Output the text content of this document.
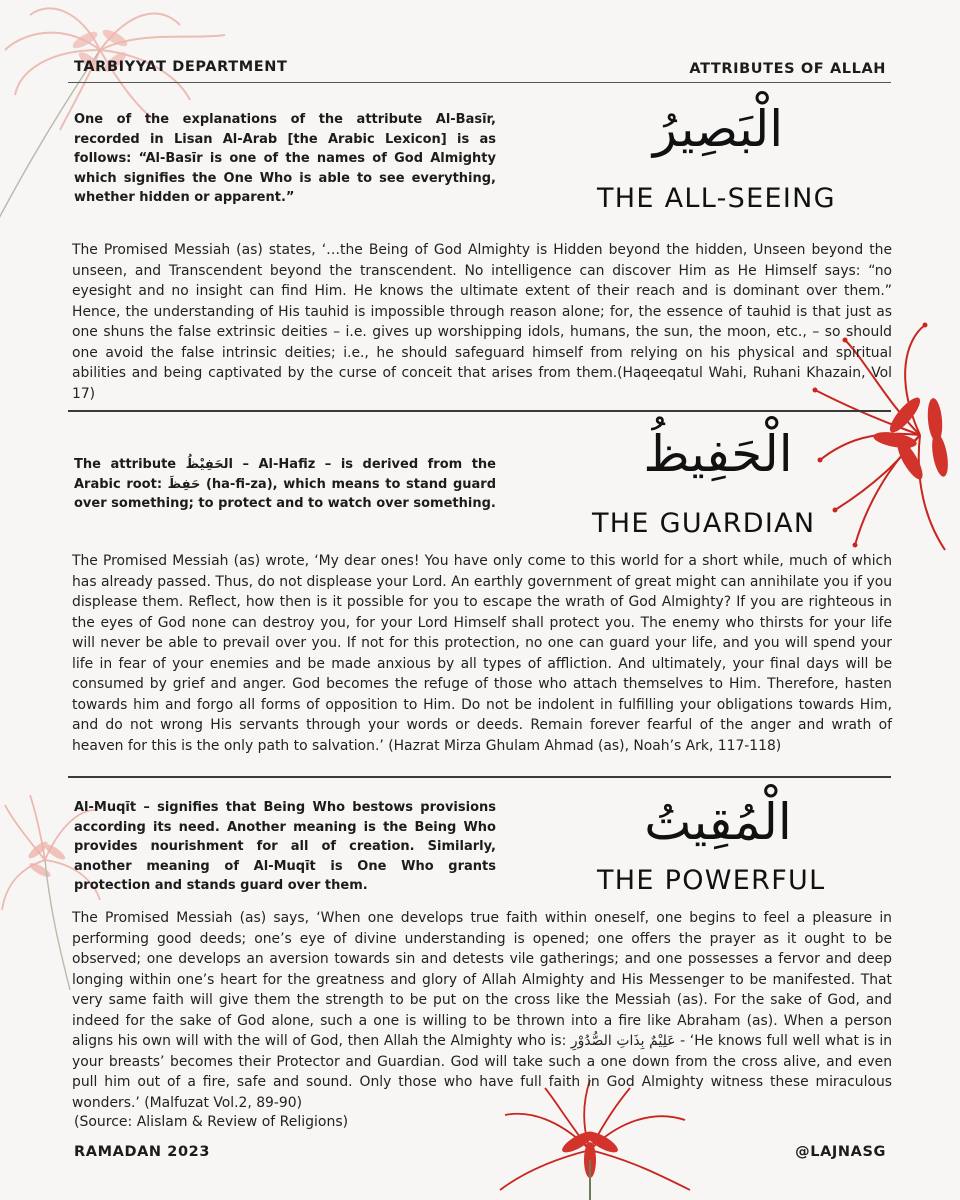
TARBIYYAT DEPARTMENT	ATTRIBUTES OF ALLAH
One of the explanations of the attribute Al-Basīr, recorded in Lisan Al-Arab [the Arabic Lexicon] is as follows: “Al-Basīr is one of the names of God Almighty which signifies the One Who is able to see everything, whether hidden or apparent.”
الْبَصِيرُ
THE ALL-SEEING
The Promised Messiah (as) states, ‘…the Being of God Almighty is Hidden beyond the hidden, Unseen beyond the unseen, and Transcendent beyond the transcendent. No intelligence can discover Him as He Himself says: “no eyesight and no insight can find Him. He knows the ultimate extent of their reach and is dominant over them.” Hence, the understanding of His tauhid is impossible through reason alone; for, the essence of tauhid is that just as one shuns the false extrinsic deities – i.e. gives up worshipping idols, humans, the sun, the moon, etc., – so should one avoid the false intrinsic deities; i.e., he should safeguard himself from relying on his physical and spiritual abilities and being captivated by the curse of conceit that arises from them.(Haqeeqatul Wahi, Ruhani Khazain, Vol 17)
The attribute الحَفِيْظُ – Al-Hafiz – is derived from the Arabic root: حَفِظَ (ha-fi-za), which means to stand guard over something; to protect and to watch over something.
الْحَفِيظُ
THE GUARDIAN
The Promised Messiah (as) wrote, ‘My dear ones! You have only come to this world for a short while, much of which has already passed. Thus, do not displease your Lord. An earthly government of great might can annihilate you if you displease them. Reflect, how then is it possible for you to escape the wrath of God Almighty? If you are righteous in the eyes of God none can destroy you, for your Lord Himself shall protect you. The enemy who thirsts for your life will never be able to prevail over you. If not for this protection, no one can guard your life, and you will spend your life in fear of your enemies and be made anxious by all types of affliction. And ultimately, your final days will be consumed by grief and anger. God becomes the refuge of those who attach themselves to Him. Therefore, hasten towards him and forgo all forms of opposition to Him. Do not be indolent in fulfilling your obligations towards Him, and do not wrong His servants through your words or deeds. Remain forever fearful of the anger and wrath of heaven for this is the only path to salvation.’ (Hazrat Mirza Ghulam Ahmad (as), Noah’s Ark, 117-118)
Al-Muqīt – signifies that Being Who bestows provisions according its need. Another meaning is the Being Who provides nourishment for all of creation. Similarly, another meaning of Al-Muqīt is One Who grants protection and stands guard over them.
الْمُقِيتُ
THE POWERFUL
The Promised Messiah (as) says, ‘When one develops true faith within oneself, one begins to feel a pleasure in performing good deeds; one’s eye of divine understanding is opened; one offers the prayer as it ought to be observed; one develops an aversion towards sin and detests vile gatherings; and one possesses a fervor and deep longing within one’s heart for the greatness and glory of Allah Almighty and His Messenger to be manifested. That very same faith will give them the strength to be put on the cross like the Messiah (as). For the sake of God, and indeed for the sake of God alone, such a one is willing to be thrown into a fire like Abraham (as). When a person aligns his own will with the will of God, then Allah the Almighty who is: عَلِيْمٌ بِذَاتِ الصُّدُوْرِ - ‘He knows full well what is in your breasts’ becomes their Protector and Guardian. God will take such a one down from the cross alive, and even pull him out of a fire, safe and sound. Only those who have full faith in God Almighty witness these miraculous wonders.’ (Malfuzat Vol.2, 89-90)
(Source: Alislam & Review of Religions)
RAMADAN 2023	@LAJNASG
